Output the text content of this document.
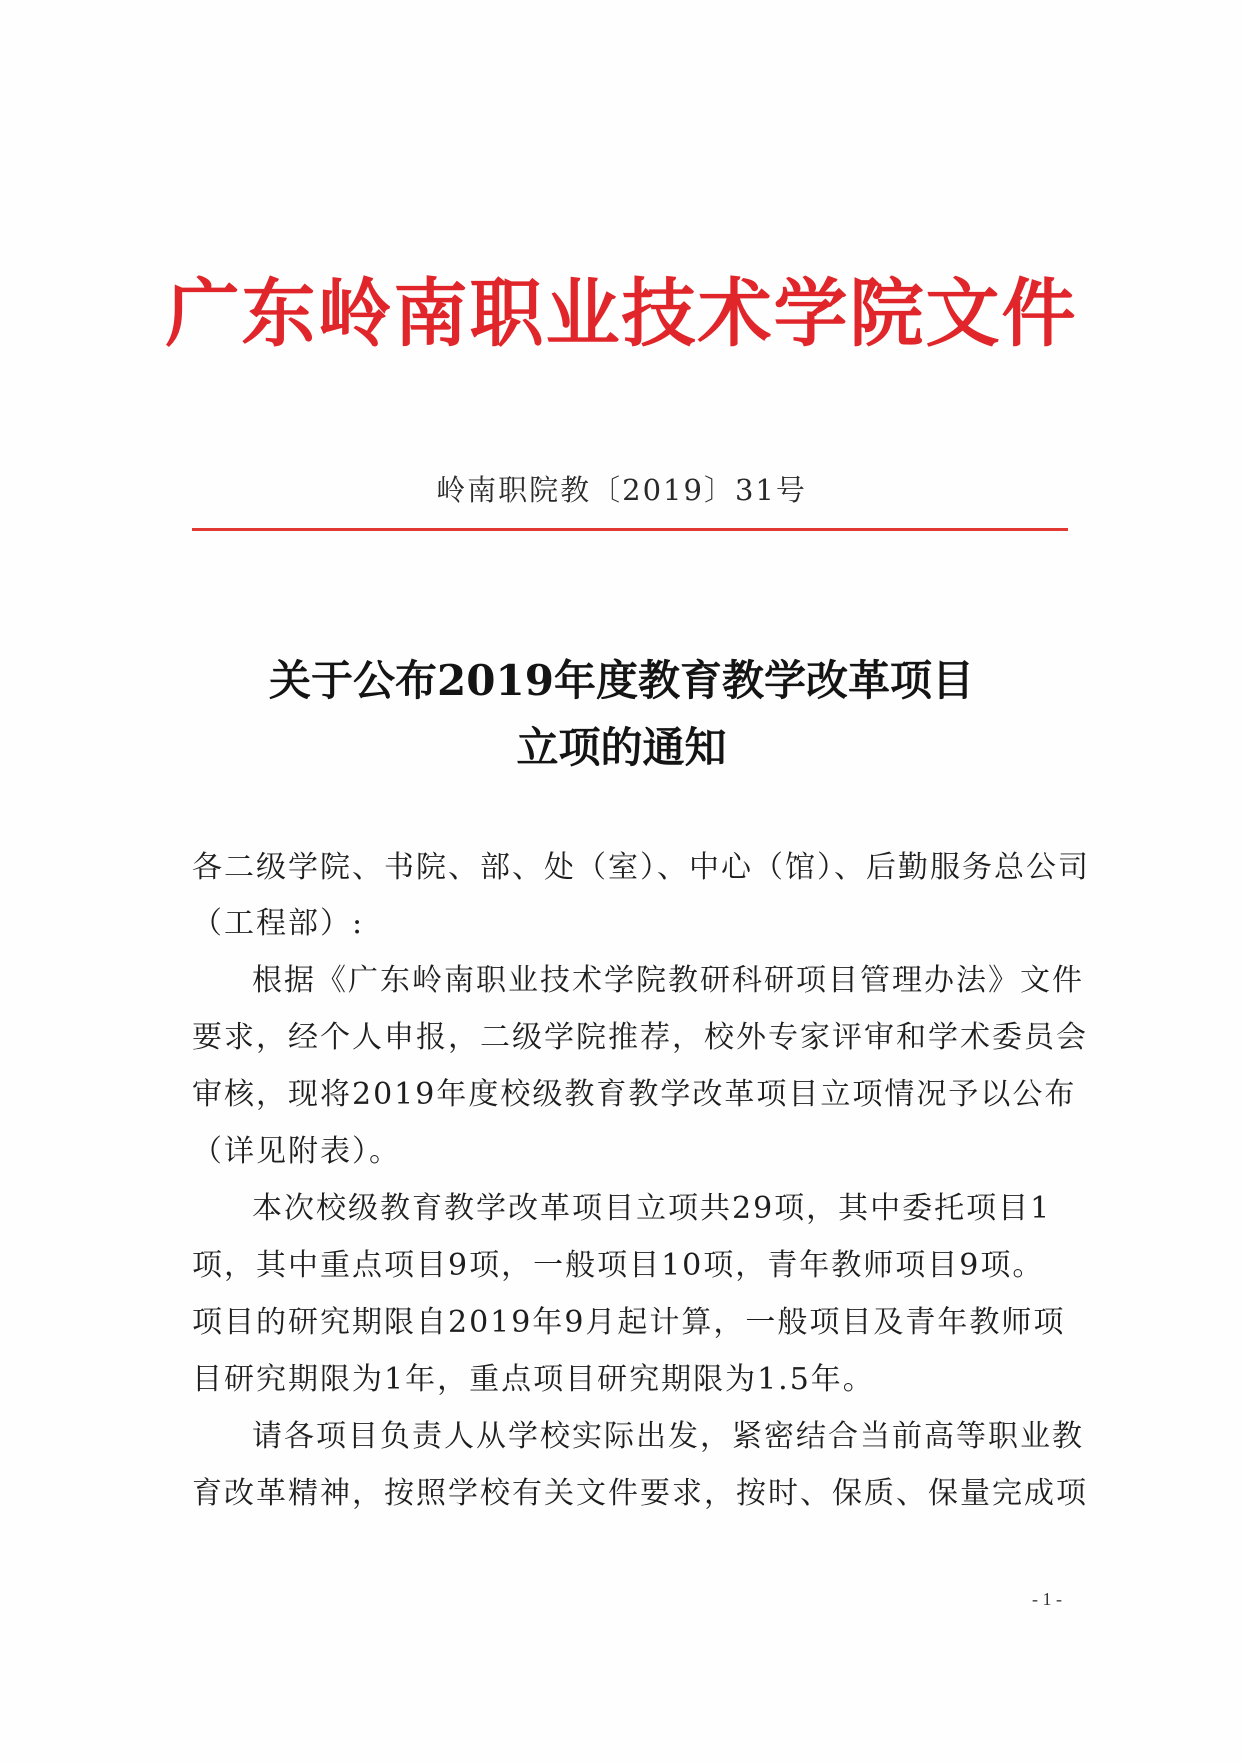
广东岭南职业技术学院文件
岭南职院教〔2019〕31号
关于公布2019年度教育教学改革项目
立项的通知
各二级学院、书院、部、处（室）、中心（馆）、后勤服务总公司
（工程部）:
根据《广东岭南职业技术学院教研科研项目管理办法》文件
要求，经个人申报，二级学院推荐，校外专家评审和学术委员会
审核，现将2019年度校级教育教学改革项目立项情况予以公布
（详见附表）。
本次校级教育教学改革项目立项共29项，其中委托项目1
项，其中重点项目9项，一般项目10项，青年教师项目9项。
项目的研究期限自2019年9月起计算，一般项目及青年教师项
目研究期限为1年，重点项目研究期限为1.5年。
请各项目负责人从学校实际出发，紧密结合当前高等职业教
育改革精神，按照学校有关文件要求，按时、保质、保量完成项
- 1 -
